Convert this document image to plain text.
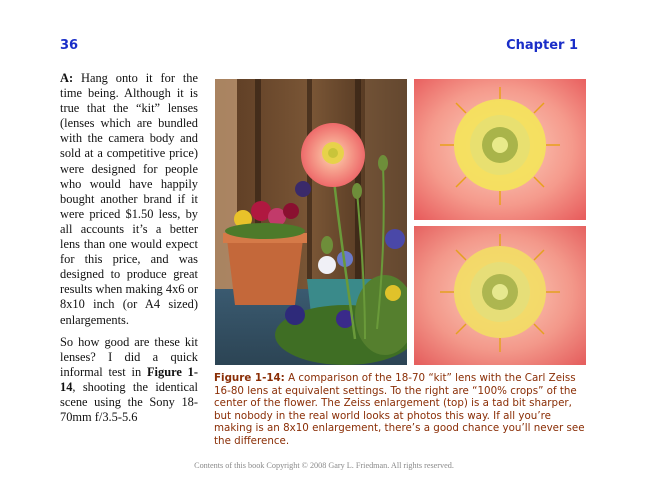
36	Chapter 1

A: Hang onto it for the time being. Although it is true that the “kit” lenses (lenses which are bundled with the camera body and sold at a competitive price) were designed for people who would have happily bought another brand if it were priced $1.50 less, by all accounts it’s a better lens than one would expect for this price, and was designed to produce great results when making 4x6 or 8x10 inch (or A4 sized) enlargements.

So how good are these kit lenses? I did a quick informal test in Figure 1-14, shooting the identical scene using the Sony 18-70mm f/3.5-5.6

Figure 1-14: A comparison of the 18-70 “kit” lens with the Carl Zeiss 16-80 lens at equivalent settings. To the right are “100% crops” of the center of the flower. The Zeiss enlargement (top) is a tad bit sharper, but nobody in the real world looks at photos this way. If all you’re making is an 8x10 enlargement, there’s a good chance you’ll never see the difference.
Contents of this book Copyright © 2008 Gary L. Friedman. All rights reserved.
